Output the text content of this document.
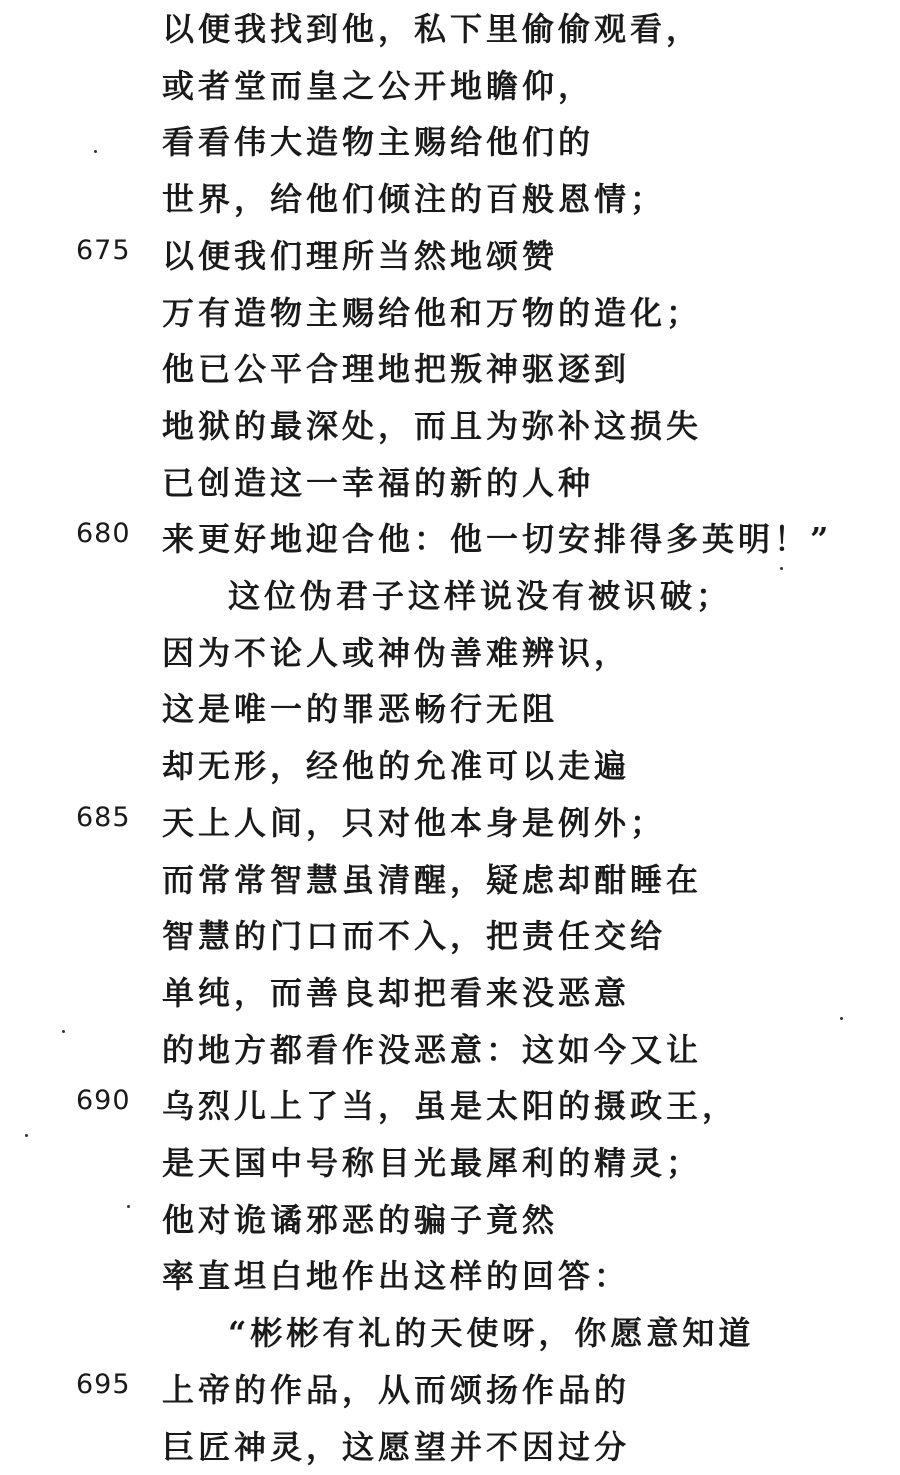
以便我找到他，私下里偷偷观看，
或者堂而皇之公开地瞻仰，
看看伟大造物主赐给他们的
世界，给他们倾注的百般恩情；
675 以便我们理所当然地颂赞
万有造物主赐给他和万物的造化；
他已公平合理地把叛神驱逐到
地狱的最深处，而且为弥补这损失
已创造这一幸福的新的人种
680 来更好地迎合他：他一切安排得多英明！”
这位伪君子这样说没有被识破；
因为不论人或神伪善难辨识，
这是唯一的罪恶畅行无阻
却无形，经他的允准可以走遍
685 天上人间，只对他本身是例外；
而常常智慧虽清醒，疑虑却酣睡在
智慧的门口而不入，把责任交给
单纯，而善良却把看来没恶意
的地方都看作没恶意：这如今又让
690 乌烈儿上了当，虽是太阳的摄政王，
是天国中号称目光最犀利的精灵；
他对诡谲邪恶的骗子竟然
率直坦白地作出这样的回答：
“彬彬有礼的天使呀，你愿意知道
695 上帝的作品，从而颂扬作品的
巨匠神灵，这愿望并不因过分
